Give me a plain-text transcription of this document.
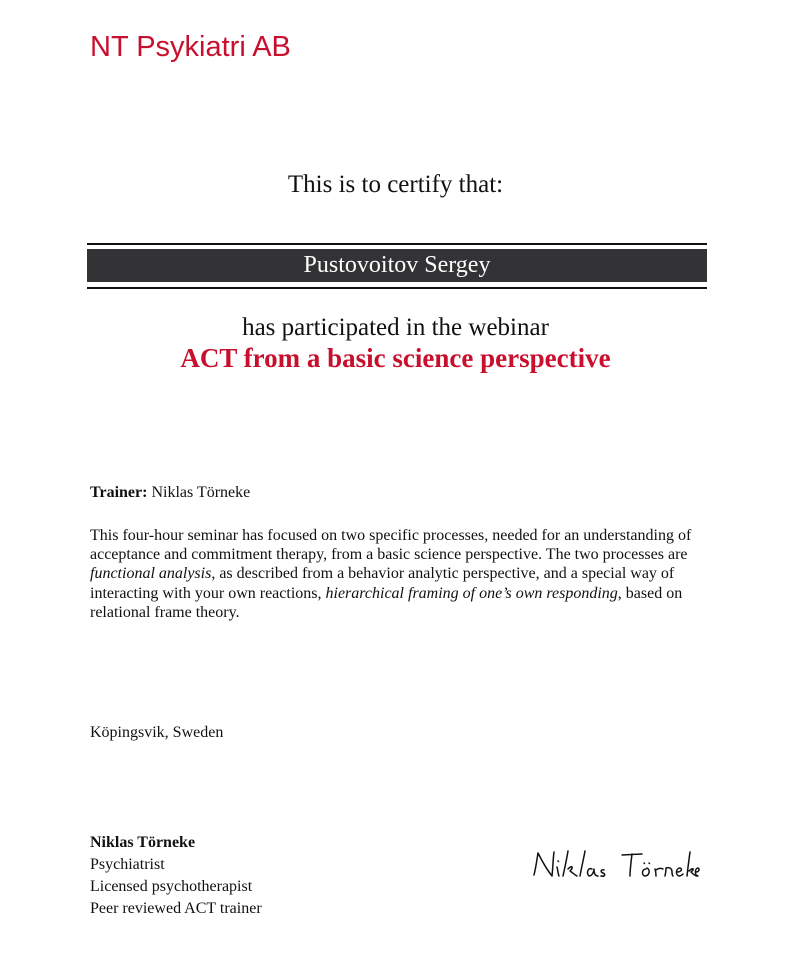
NT Psykiatri AB
This is to certify that:
Pustovoitov Sergey
has participated in the webinar
ACT from a basic science perspective
Trainer: Niklas Törneke
This four-hour seminar has focused on two specific processes, needed for an understanding of acceptance and commitment therapy, from a basic science perspective. The two processes are functional analysis, as described from a behavior analytic perspective, and a special way of interacting with your own reactions, hierarchical framing of one’s own responding, based on relational frame theory.
Köpingsvik, Sweden
Niklas Törneke
Psychiatrist
Licensed psychotherapist
Peer reviewed ACT trainer
